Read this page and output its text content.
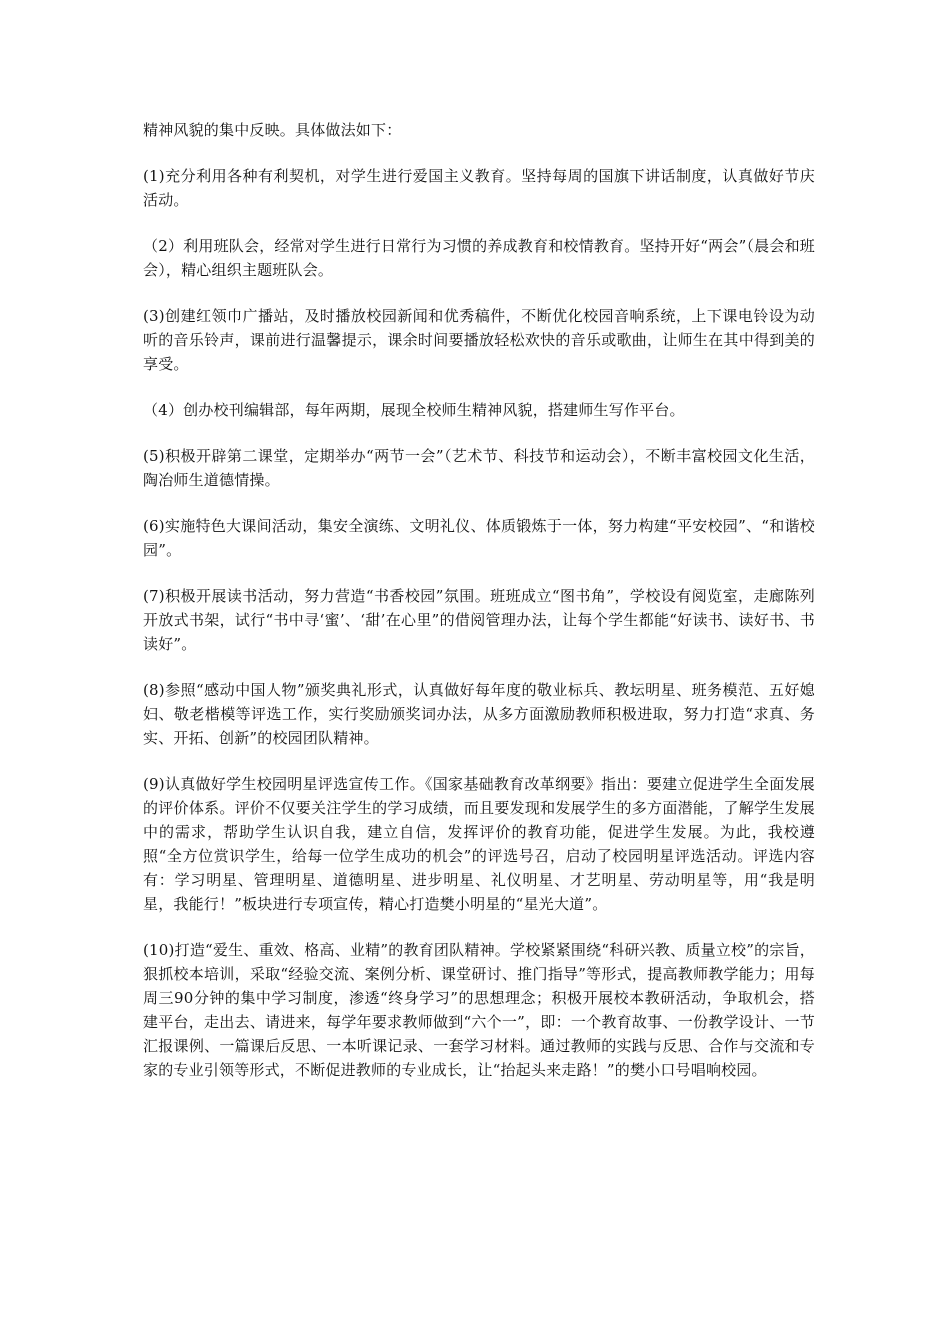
精神风貌的集中反映。具体做法如下：

(1)充分利用各种有利契机，对学生进行爱国主义教育。坚持每周的国旗下讲话制度，认真做好节庆活动。

（2）利用班队会，经常对学生进行日常行为习惯的养成教育和校情教育。坚持开好“两会”（晨会和班会），精心组织主题班队会。

(3)创建红领巾广播站，及时播放校园新闻和优秀稿件，不断优化校园音响系统，上下课电铃设为动听的音乐铃声，课前进行温馨提示，课余时间要播放轻松欢快的音乐或歌曲，让师生在其中得到美的享受。

（4）创办校刊编辑部，每年两期，展现全校师生精神风貌，搭建师生写作平台。

(5)积极开辟第二课堂，定期举办“两节一会”（艺术节、科技节和运动会），不断丰富校园文化生活，陶冶师生道德情操。

(6)实施特色大课间活动，集安全演练、文明礼仪、体质锻炼于一体，努力构建“平安校园”、“和谐校园”。

(7)积极开展读书活动，努力营造“书香校园”氛围。班班成立“图书角”，学校设有阅览室，走廊陈列开放式书架，试行“书中寻‘蜜’、‘甜’在心里”的借阅管理办法，让每个学生都能“好读书、读好书、书读好”。

(8)参照“感动中国人物”颁奖典礼形式，认真做好每年度的敬业标兵、教坛明星、班务模范、五好媳妇、敬老楷模等评选工作，实行奖励颁奖词办法，从多方面激励教师积极进取，努力打造“求真、务实、开拓、创新”的校园团队精神。

(9)认真做好学生校园明星评选宣传工作。《国家基础教育改革纲要》指出：要建立促进学生全面发展的评价体系。评价不仅要关注学生的学习成绩，而且要发现和发展学生的多方面潜能，了解学生发展中的需求，帮助学生认识自我，建立自信，发挥评价的教育功能，促进学生发展。为此，我校遵照“全方位赏识学生，给每一位学生成功的机会”的评选号召，启动了校园明星评选活动。评选内容有：学习明星、管理明星、道德明星、进步明星、礼仪明星、才艺明星、劳动明星等，用“我是明星，我能行！”板块进行专项宣传，精心打造樊小明星的“星光大道”。

(10)打造“爱生、重效、格高、业精”的教育团队精神。学校紧紧围绕“科研兴教、质量立校”的宗旨，狠抓校本培训，采取“经验交流、案例分析、课堂研讨、推门指导”等形式，提高教师教学能力；用每周三90分钟的集中学习制度，渗透“终身学习”的思想理念；积极开展校本教研活动，争取机会，搭建平台，走出去、请进来，每学年要求教师做到“六个一”，即：一个教育故事、一份教学设计、一节汇报课例、一篇课后反思、一本听课记录、一套学习材料。通过教师的实践与反思、合作与交流和专家的专业引领等形式，不断促进教师的专业成长，让“抬起头来走路！”的樊小口号唱响校园。
